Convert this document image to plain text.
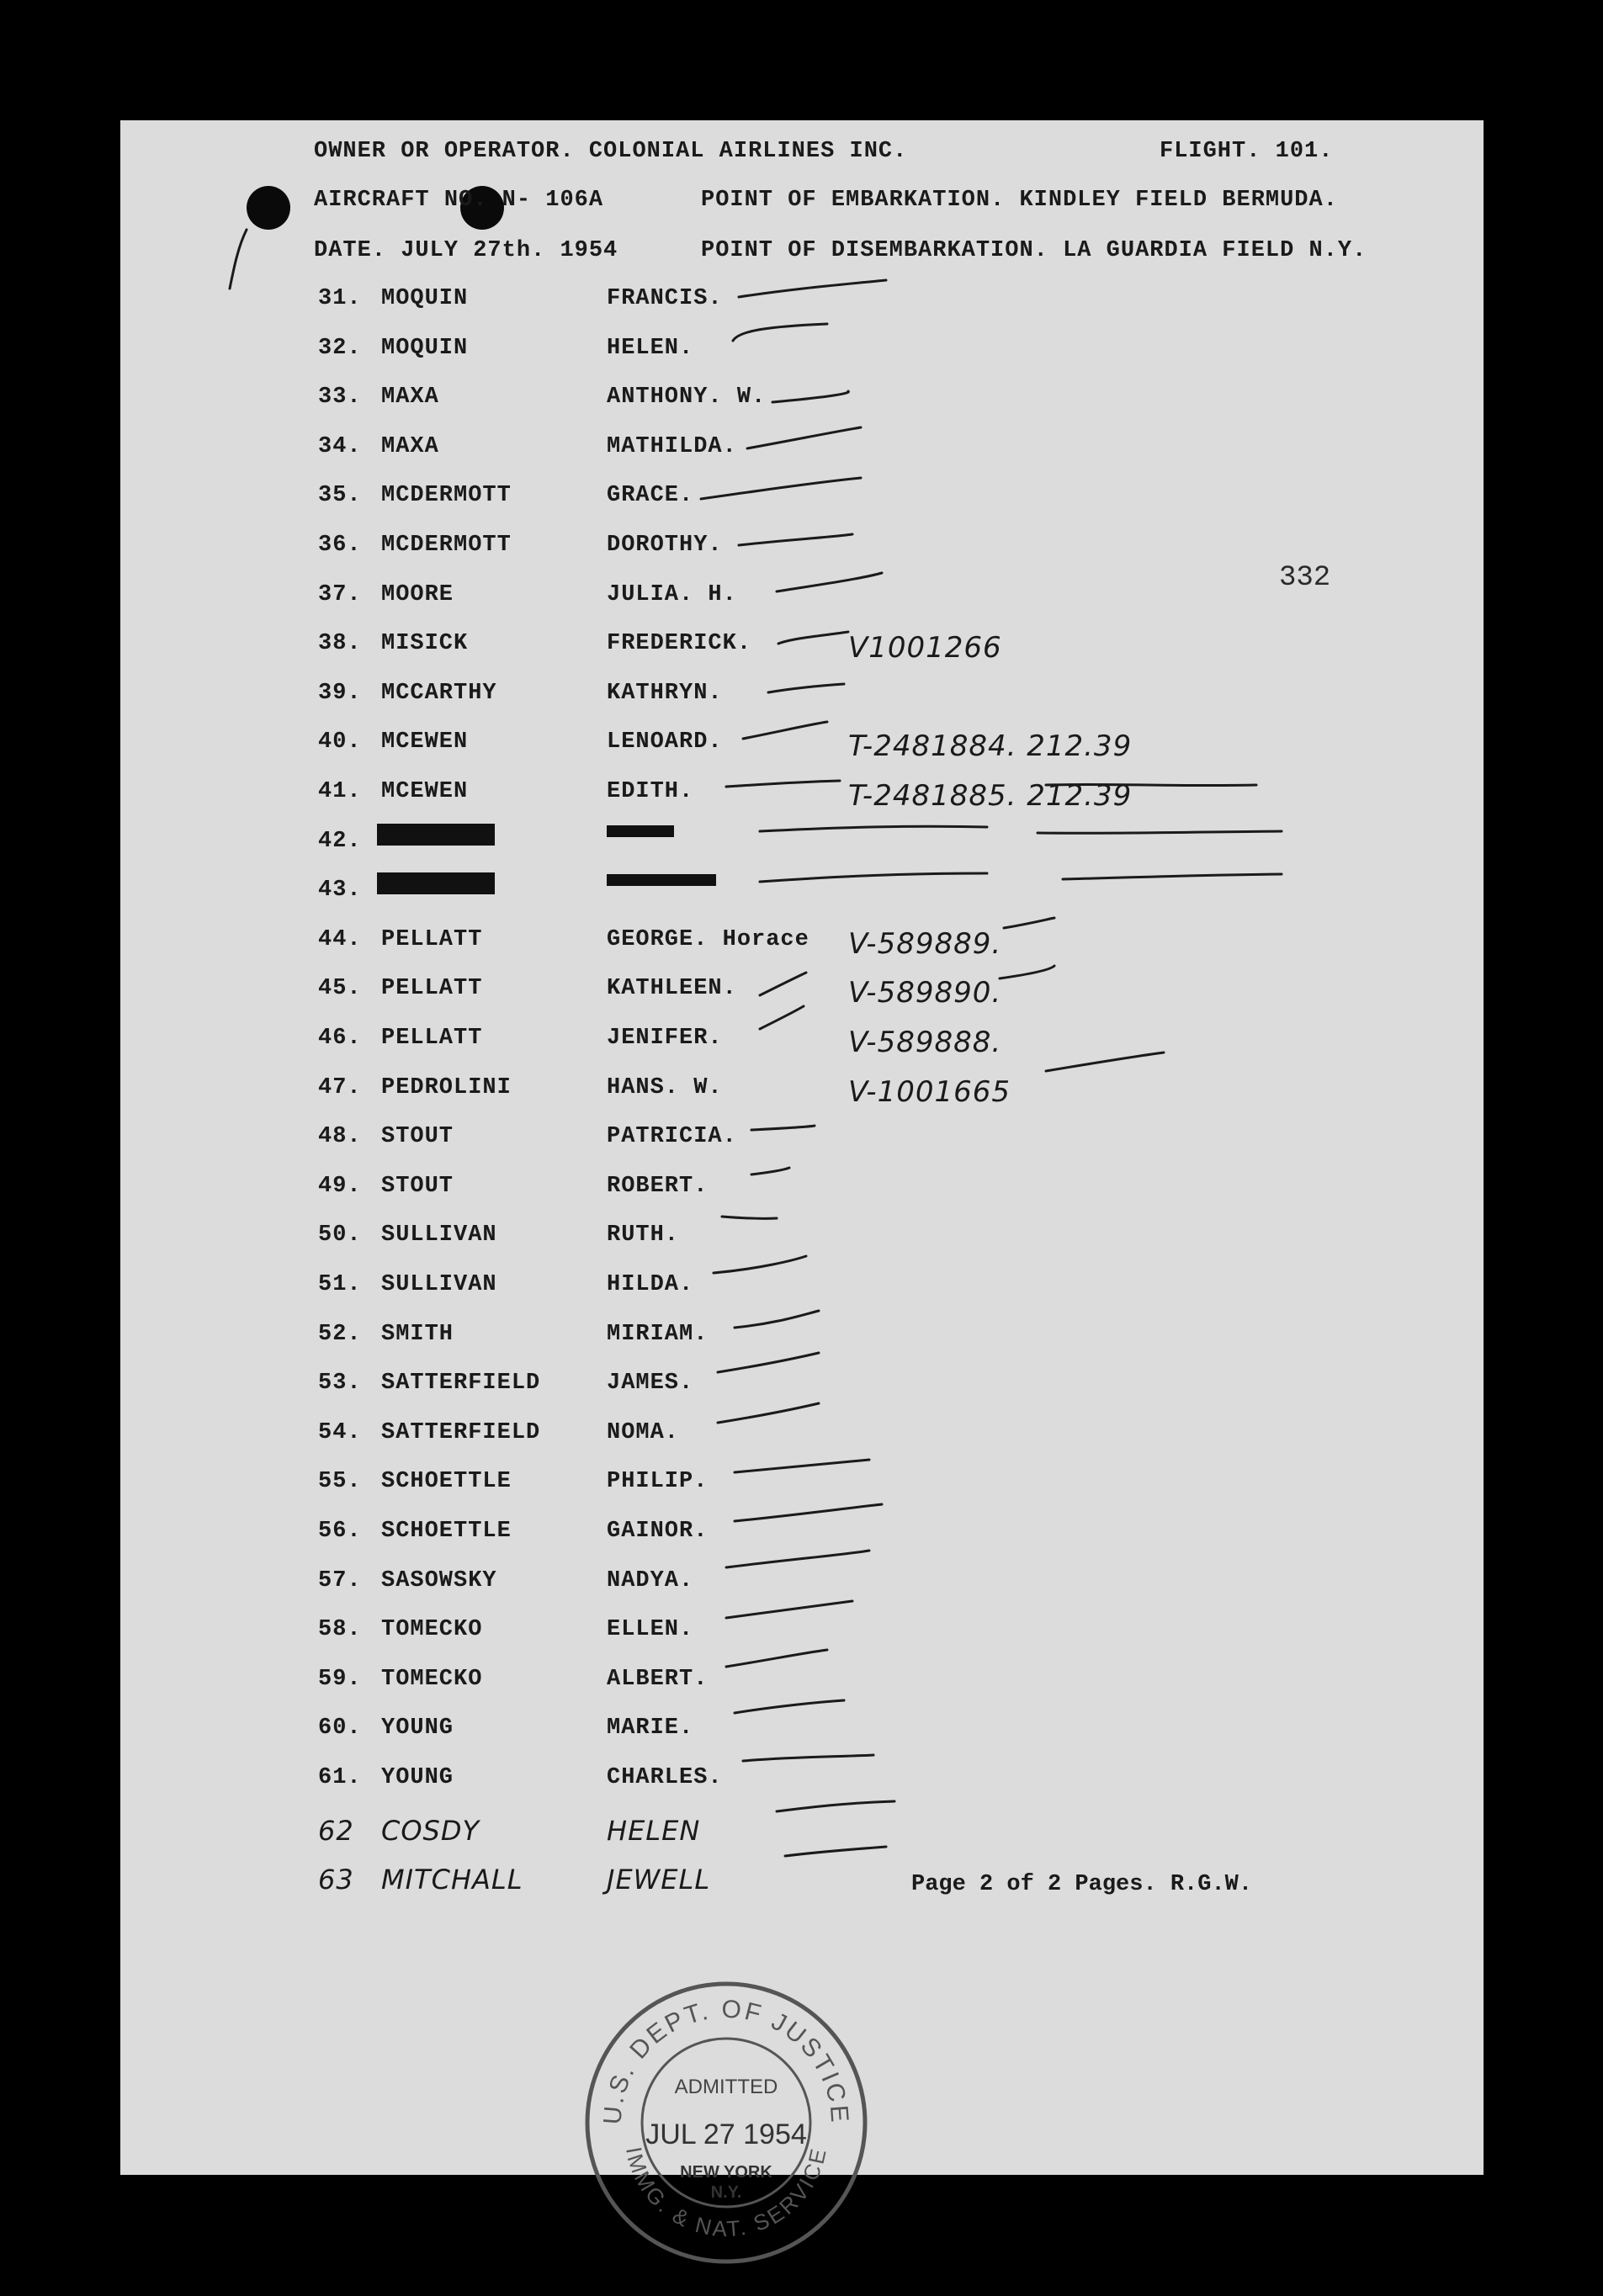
OWNER OR OPERATOR. COLONIAL AIRLINES INC.	FLIGHT. 101.
AIRCRAFT NO. N- 106A	POINT OF EMBARKATION. KINDLEY FIELD BERMUDA.
DATE. JULY 27th. 1954	POINT OF DISEMBARKATION. LA GUARDIA FIELD N.Y.
332
31. MOQUIN	FRANCIS.
32. MOQUIN	HELEN.
33. MAXA	ANTHONY. W.
34. MAXA	MATHILDA.
35. MCDERMOTT	GRACE.
36. MCDERMOTT	DOROTHY.
37. MOORE	JULIA. H.
38. MISICK	FREDERICK.	V1001266
39. MCCARTHY	KATHRYN.
40. MCEWEN	LENOARD.	T-2481884. 212.39
41. MCEWEN	EDITH.	T-2481885. 212.39
42.
43.
44. PELLATT	GEORGE. Horace V-589889.
45. PELLATT	KATHLEEN.	V-589890.
46. PELLATT	JENIFER.	V-589888.
47. PEDROLINI	HANS. W.	V-1001665
48. STOUT	PATRICIA.
49. STOUT	ROBERT.
50. SULLIVAN	RUTH.
51. SULLIVAN	HILDA.
52. SMITH	MIRIAM.
53. SATTERFIELD	JAMES.
54. SATTERFIELD	NOMA.
55. SCHOETTLE	PHILIP.
56. SCHOETTLE	GAINOR.
57. SASOWSKY	NADYA.
58. TOMECKO	ELLEN.
59. TOMECKO	ALBERT.
60. YOUNG	MARIE.
61. YOUNG	CHARLES.
62 COSDY	HELEN
63 MITCHALL	JEWELL	Page 2 of 2 Pages. R.G.W.
U.S. DEPT. OF JUSTICE
IMMG. & NAT. SERVICE
ADMITTED
JUL 27 1954
NEW YORK
N.Y.
